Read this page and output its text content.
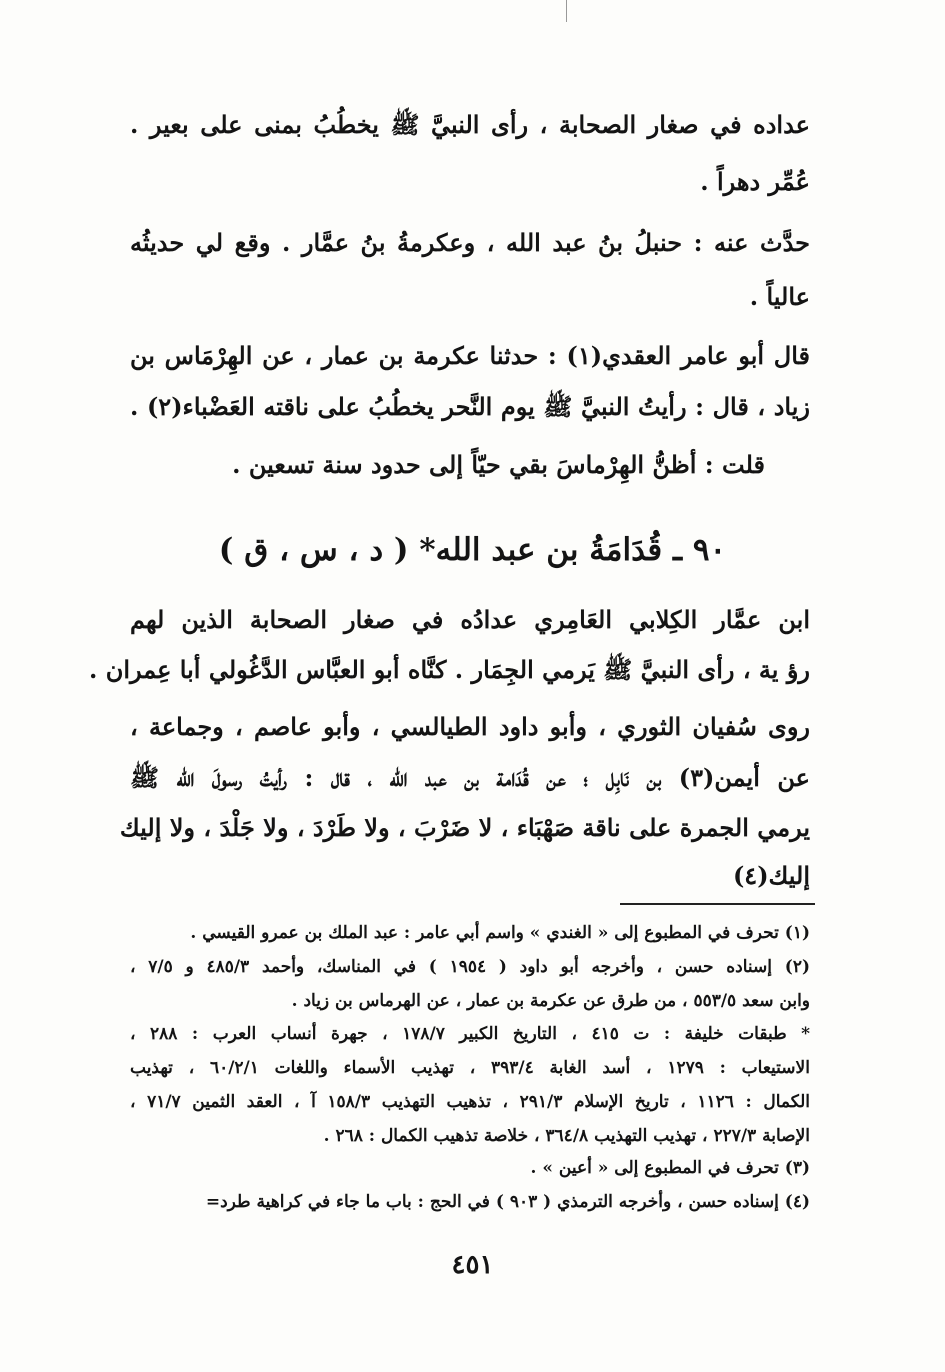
عداده في صغار الصحابة ، رأى النبيَّ ﷺ يخطُبُ بمنى على بعير .
عُمِّر دهراً .
حدَّث عنه : حنبلُ بنُ عبد الله ، وعكرمةُ بنُ عمَّار . وقع لي حديثُه
عالياً .
قال أبو عامر العقدي(١) : حدثنا عكرمة بن عمار ، عن الهِرْمَاس بن
زياد ، قال : رأيتُ النبيَّ ﷺ يوم النَّحر يخطُبُ على ناقته العَضْباء(٢) .
قلت : أظنُّ الهِرْماسَ بقي حيّاً إلى حدود سنة تسعين .
٩٠ ـ قُدَامَةُ بن عبد الله* ( د ، س ، ق )
ابن عمَّار الكِلابي العَامِري عدادُه في صغار الصحابة الذين لهم
رؤ ية ، رأى النبيَّ ﷺ يَرمي الجِمَار . كنَّاه أبو العبَّاس الدَّغُولي أبا عِمران .
روى سُفيان الثوري ، وأبو داود الطيالسي ، وأبو عاصم ، وجماعة ،
عن أيمن(٣) بن نَابِل ؛ عن قُدَامة بن عبد الله ، قال : رأيتُ رسولَ الله ﷺ
يرمي الجمرة على ناقة صَهْبَاء ، لا ضَرْبَ ، ولا طَرْدَ ، ولا جَلْدَ ، ولا إليك
إليك(٤)
(١) تحرف في المطبوع إلى « الغندي » واسم أبي عامر : عبد الملك بن عمرو القيسي .
(٢) إسناده حسن ، وأخرجه أبو داود ( ١٩٥٤ ) في المناسك، وأحمد ٤٨٥/٣ و ٧/٥ ،
وابن سعد ٥٥٣/٥ ، من طرق عن عكرمة بن عمار ، عن الهرماس بن زياد .
* طبقات خليفة : ت ٤١٥ ، التاريخ الكبير ١٧٨/٧ ، جهرة أنساب العرب : ٢٨٨ ،
الاستيعاب : ١٢٧٩ ، أسد الغابة ٣٩٣/٤ ، تهذيب الأسماء واللغات ٦٠/٢/١ ، تهذيب
الكمال : ١١٢٦ ، تاريخ الإسلام ٢٩١/٣ ، تذهيب التهذيب ١٥٨/٣ آ ، العقد الثمين ٧١/٧ ،
الإصابة ٢٢٧/٣ ، تهذيب التهذيب ٣٦٤/٨ ، خلاصة تذهيب الكمال : ٢٦٨ .
(٣) تحرف في المطبوع إلى « أعين » .
(٤) إسناده حسن ، وأخرجه الترمذي ( ٩٠٣ ) في الحج : باب ما جاء في كراهية طرد=
٤٥١
